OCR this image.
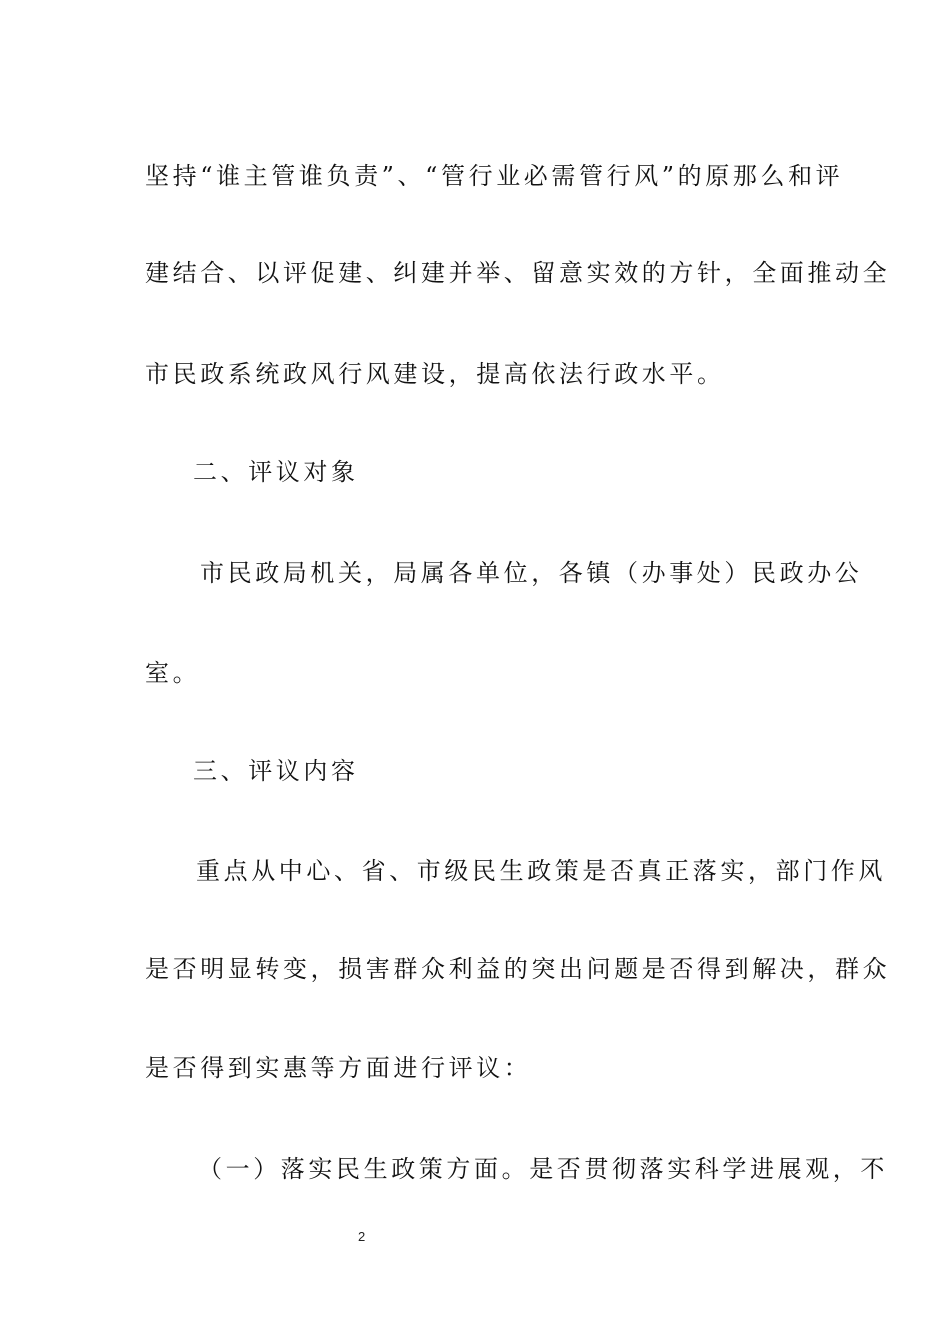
坚持“谁主管谁负责”、“管行业必需管行风”的原那么和评

建结合、以评促建、纠建并举、留意实效的方针，全面推动全

市民政系统政风行风建设，提高依法行政水平。

二、评议对象

市民政局机关，局属各单位，各镇（办事处）民政办公

室。

三、评议内容

重点从中心、省、市级民生政策是否真正落实，部门作风

是否明显转变，损害群众利益的突出问题是否得到解决，群众

是否得到实惠等方面进行评议：

（一）落实民生政策方面。是否贯彻落实科学进展观，不

2
